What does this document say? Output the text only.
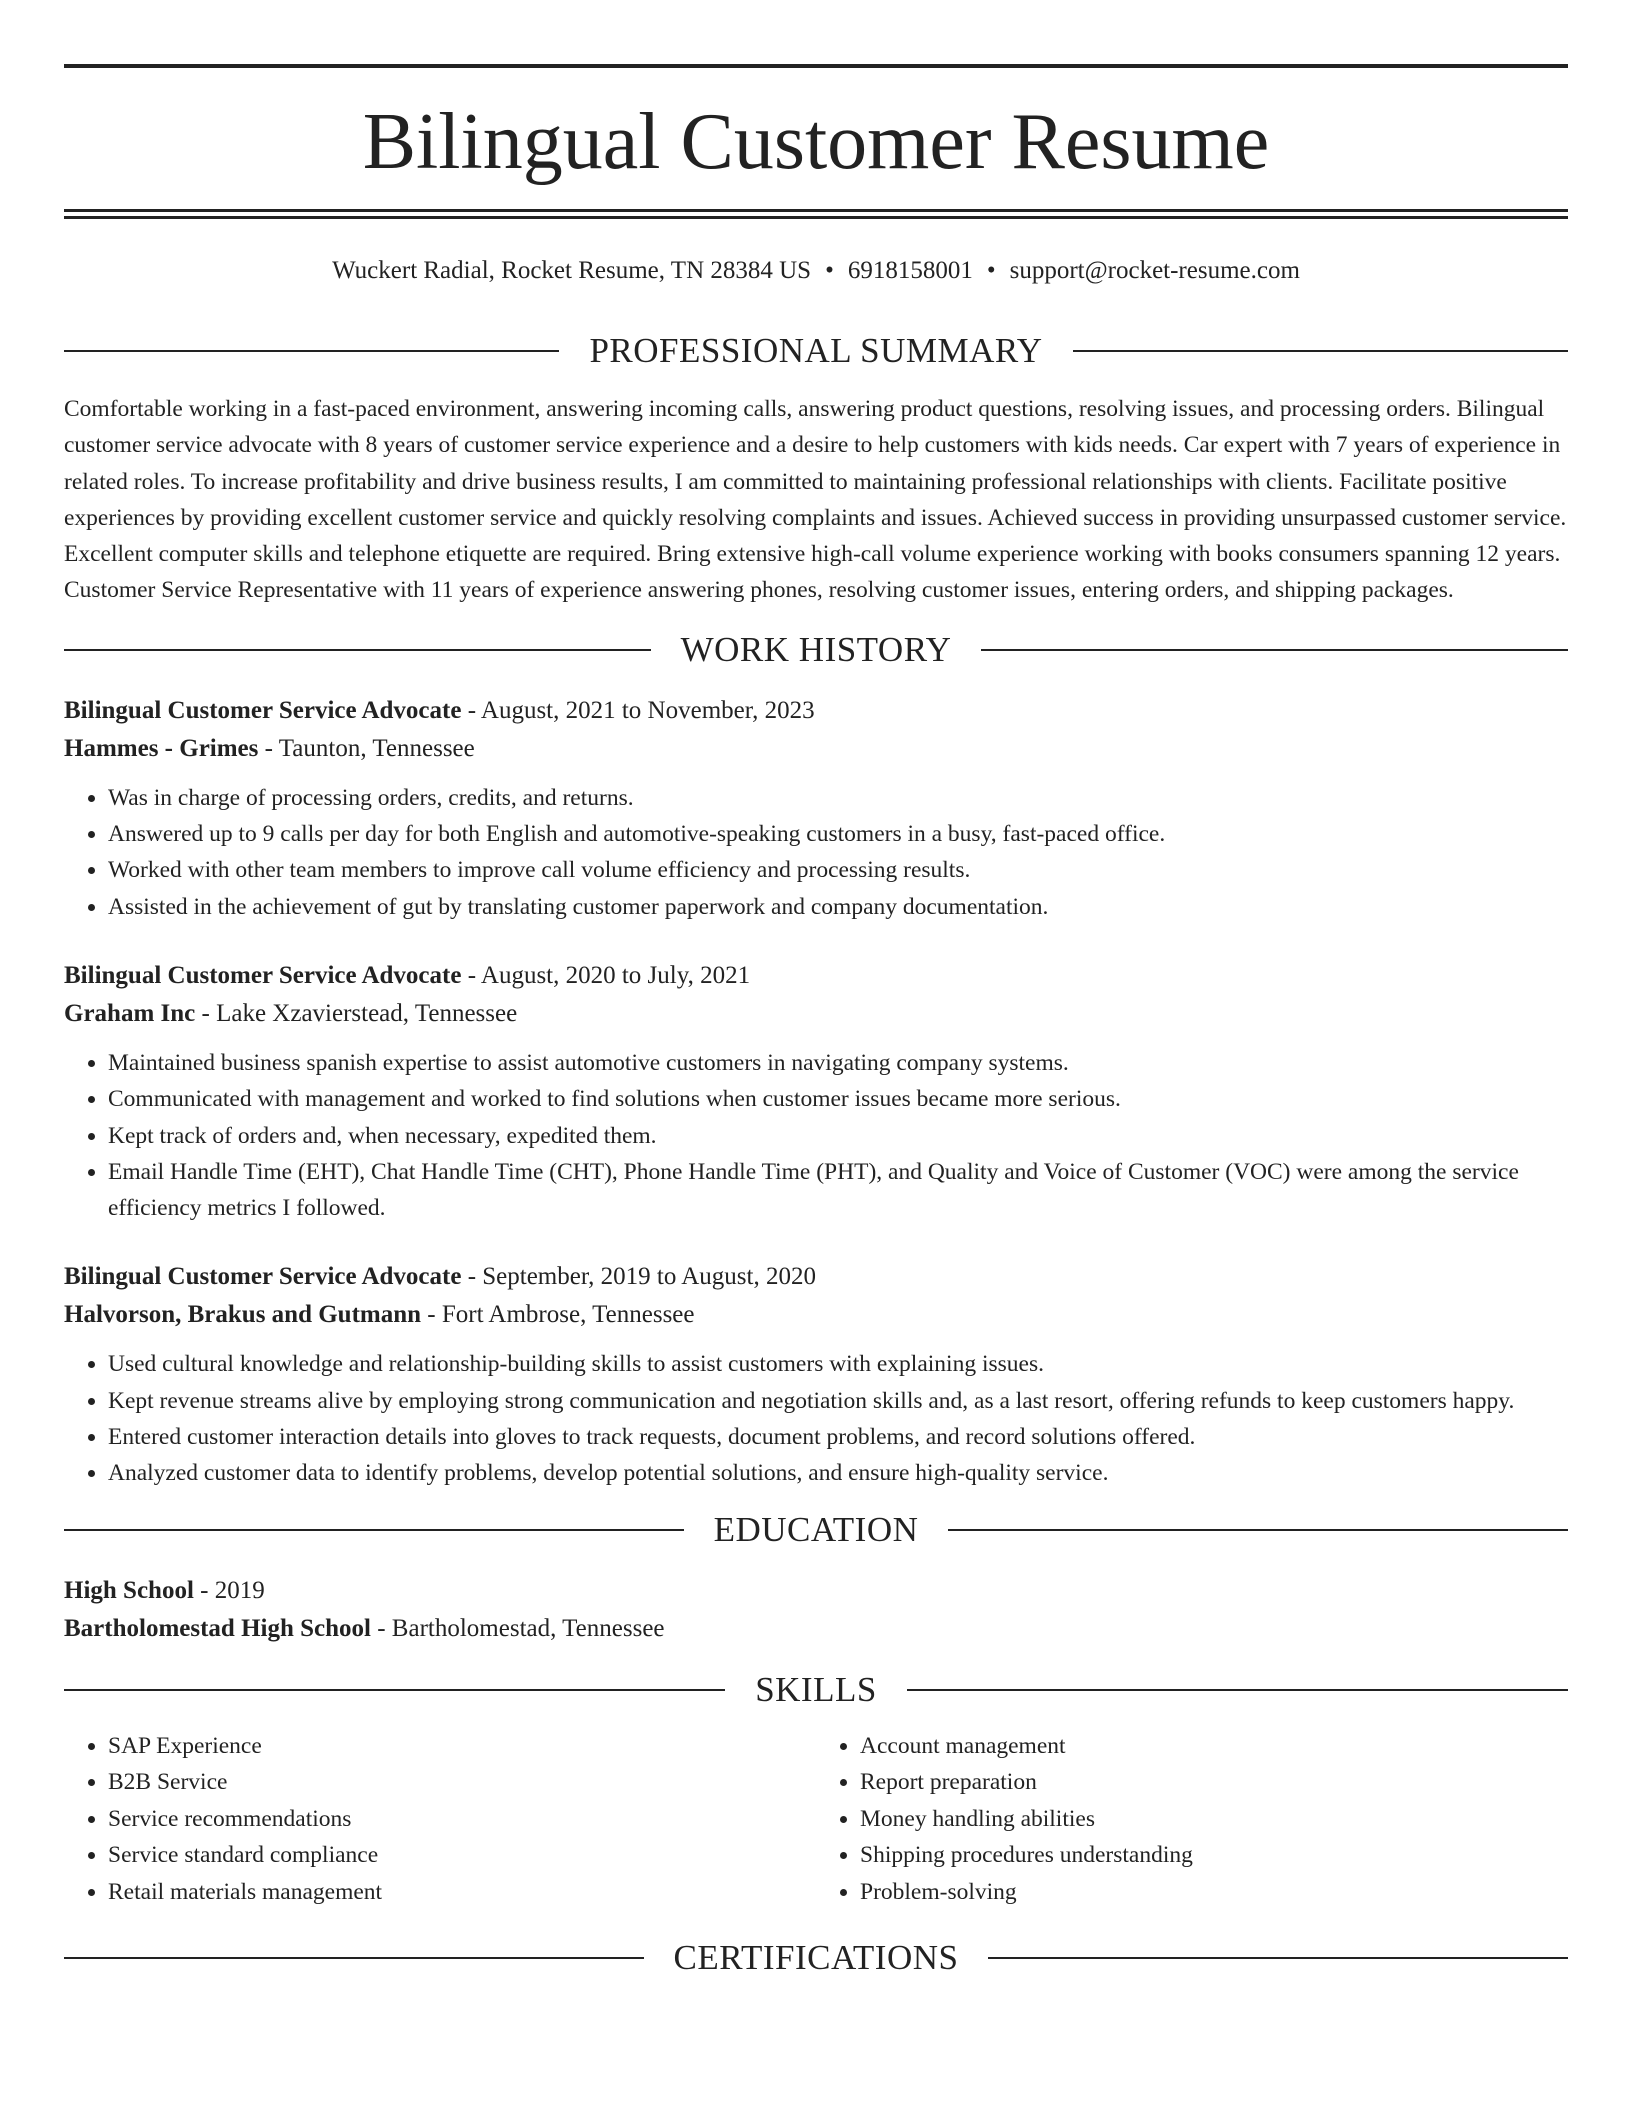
Bilingual Customer Resume
Wuckert Radial, Rocket Resume, TN 28384 US • 6918158001 • support@rocket-resume.com
PROFESSIONAL SUMMARY

Comfortable working in a fast-paced environment, answering incoming calls, answering product questions, resolving issues, and processing orders. Bilingual customer service advocate with 8 years of customer service experience and a desire to help customers with kids needs. Car expert with 7 years of experience in related roles. To increase profitability and drive business results, I am committed to maintaining professional relationships with clients. Facilitate positive experiences by providing excellent customer service and quickly resolving complaints and issues. Achieved success in providing unsurpassed customer service. Excellent computer skills and telephone etiquette are required. Bring extensive high-call volume experience working with books consumers spanning 12 years. Customer Service Representative with 11 years of experience answering phones, resolving customer issues, entering orders, and shipping packages.

WORK HISTORY
Bilingual Customer Service Advocate - August, 2021 to November, 2023
Hammes - Grimes - Taunton, Tennessee
• Was in charge of processing orders, credits, and returns.
• Answered up to 9 calls per day for both English and automotive-speaking customers in a busy, fast-paced office.
• Worked with other team members to improve call volume efficiency and processing results.
• Assisted in the achievement of gut by translating customer paperwork and company documentation.
Bilingual Customer Service Advocate - August, 2020 to July, 2021
Graham Inc - Lake Xzavierstead, Tennessee
• Maintained business spanish expertise to assist automotive customers in navigating company systems.
• Communicated with management and worked to find solutions when customer issues became more serious.
• Kept track of orders and, when necessary, expedited them.
• Email Handle Time (EHT), Chat Handle Time (CHT), Phone Handle Time (PHT), and Quality and Voice of Customer (VOC) were among the service efficiency metrics I followed.
Bilingual Customer Service Advocate - September, 2019 to August, 2020
Halvorson, Brakus and Gutmann - Fort Ambrose, Tennessee
• Used cultural knowledge and relationship-building skills to assist customers with explaining issues.
• Kept revenue streams alive by employing strong communication and negotiation skills and, as a last resort, offering refunds to keep customers happy.
• Entered customer interaction details into gloves to track requests, document problems, and record solutions offered.
• Analyzed customer data to identify problems, develop potential solutions, and ensure high-quality service.
EDUCATION
High School - 2019
Bartholomestad High School - Bartholomestad, Tennessee
SKILLS
• SAP Experience
• B2B Service
• Service recommendations
• Service standard compliance
• Retail materials management
• Account management
• Report preparation
• Money handling abilities
• Shipping procedures understanding
• Problem-solving
CERTIFICATIONS
